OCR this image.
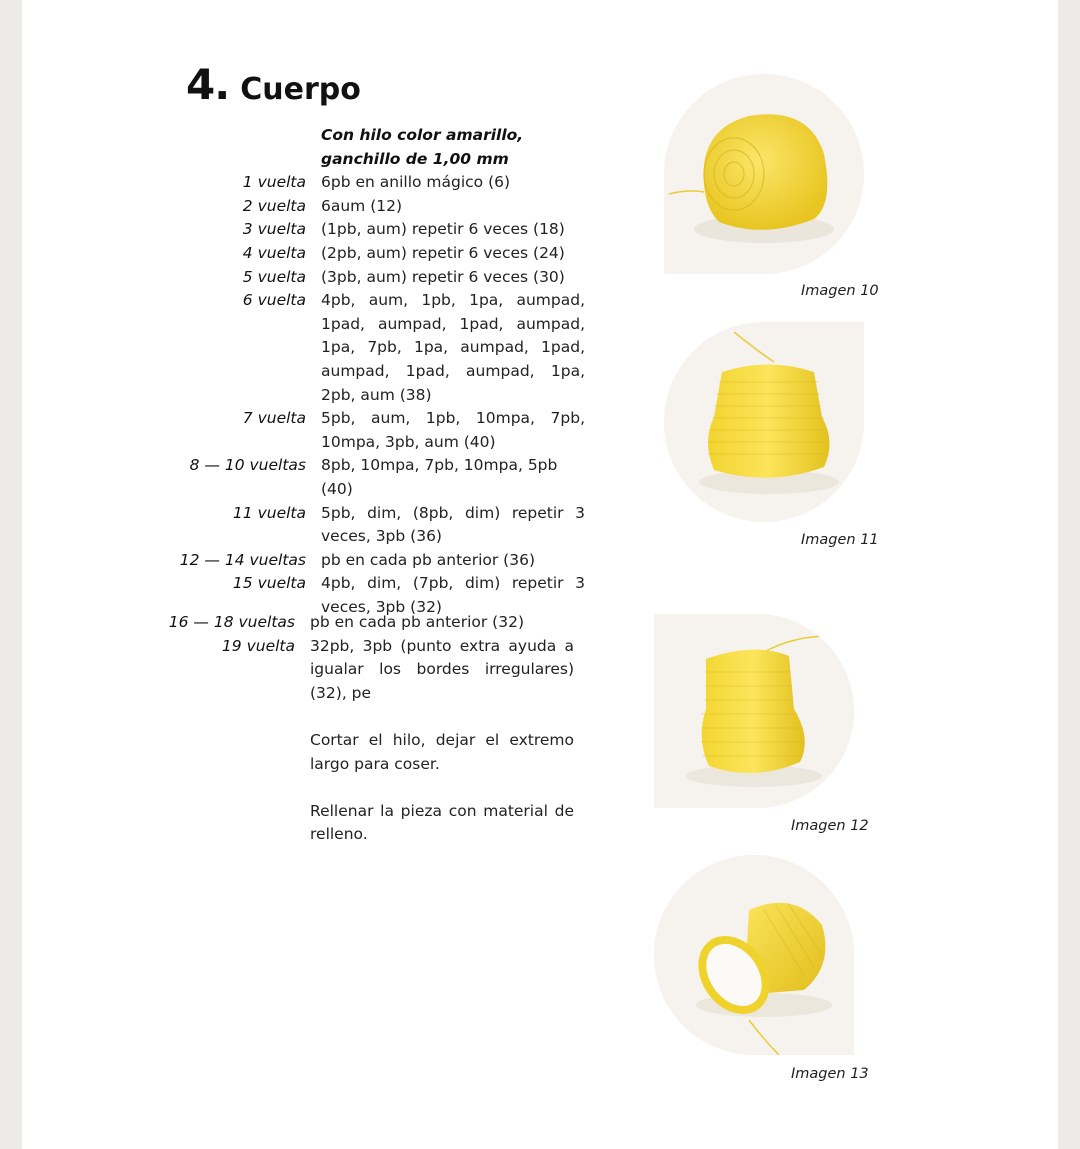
4. Cuerpo
Con hilo color amarillo, ganchillo de 1,00 mm
1 vuelta 6pb en anillo mágico (6)
2 vuelta 6aum (12)
3 vuelta (1pb, aum) repetir 6 veces (18)
4 vuelta (2pb, aum) repetir 6 veces (24)
5 vuelta (3pb, aum) repetir 6 veces (30)
6 vuelta 4pb, aum, 1pb, 1pa, aumpad, 1pad, aumpad, 1pad, aumpad, 1pa, 7pb, 1pa, aumpad, 1pad, aumpad, 1pad, aumpad, 1pa, 2pb, aum (38)
7 vuelta 5pb, aum, 1pb, 10mpa, 7pb, 10mpa, 3pb, aum (40)
8 — 10 vueltas 8pb, 10mpa, 7pb, 10mpa, 5pb (40)
11 vuelta 5pb, dim, (8pb, dim) repetir 3 veces, 3pb (36)
12 — 14 vueltas pb en cada pb anterior (36)
15 vuelta 4pb, dim, (7pb, dim) repetir 3 veces, 3pb (32)
16 — 18 vueltas pb en cada pb anterior (32)
19 vuelta 32pb, 3pb (punto extra ayuda a igualar los bordes irregulares) (32), pe
Cortar el hilo, dejar el extremo largo para coser.
Rellenar la pieza con material de relleno.
Imagen 10
Imagen 11
Imagen 12
Imagen 13
